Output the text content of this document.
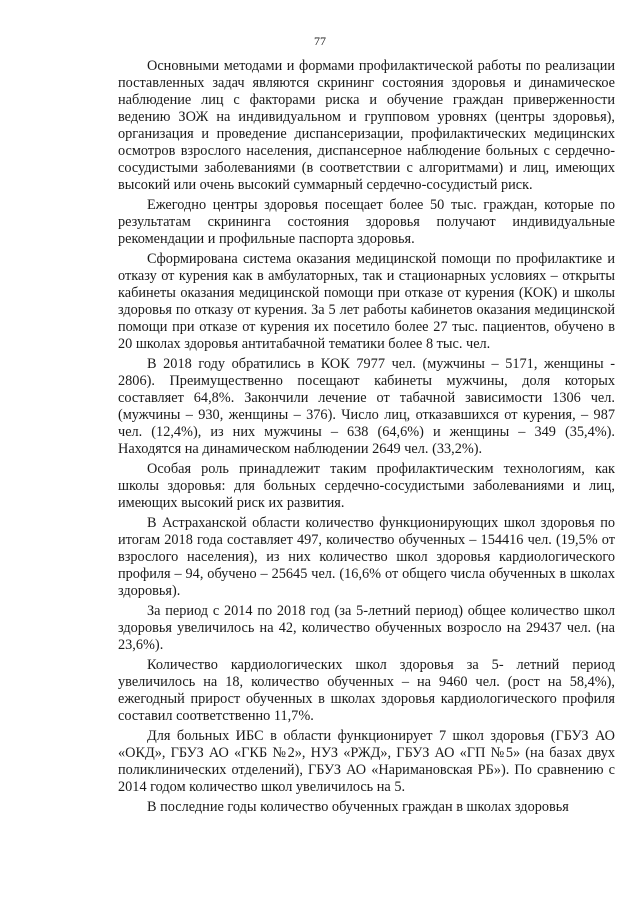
77

Основными методами и формами профилактической работы по реализации поставленных задач являются скрининг состояния здоровья и динамическое наблюдение лиц с факторами риска и обучение граждан приверженности ведению ЗОЖ на индивидуальном и групповом уровнях (центры здоровья), организация и проведение диспансеризации, профилактических медицинских осмотров взрослого населения, диспансерное наблюдение больных с сердечно-сосудистыми заболеваниями (в соответствии с алгоритмами) и лиц, имеющих высокий или очень высокий суммарный сердечно-сосудистый риск.

Ежегодно центры здоровья посещает более 50 тыс. граждан, которые по результатам скрининга состояния здоровья получают индивидуальные рекомендации и профильные паспорта здоровья.

Сформирована система оказания медицинской помощи по профилактике и отказу от курения как в амбулаторных, так и стационарных условиях – открыты кабинеты оказания медицинской помощи при отказе от курения (КОК) и школы здоровья по отказу от курения. За 5 лет работы кабинетов оказания медицинской помощи при отказе от курения их посетило более 27 тыс. пациентов, обучено в 20 школах здоровья антитабачной тематики более 8 тыс. чел.

В 2018 году обратились в КОК 7977 чел. (мужчины – 5171, женщины - 2806). Преимущественно посещают кабинеты мужчины, доля которых составляет 64,8%. Закончили лечение от табачной зависимости 1306 чел. (мужчины – 930, женщины – 376). Число лиц, отказавшихся от курения, – 987 чел. (12,4%), из них мужчины – 638 (64,6%) и женщины – 349 (35,4%). Находятся на динамическом наблюдении 2649 чел. (33,2%).

Особая роль принадлежит таким профилактическим технологиям, как школы здоровья: для больных сердечно-сосудистыми заболеваниями и лиц, имеющих высокий риск их развития.

В Астраханской области количество функционирующих школ здоровья по итогам 2018 года составляет 497, количество обученных – 154416 чел. (19,5% от взрослого населения), из них количество школ здоровья кардиологического профиля – 94, обучено – 25645 чел. (16,6% от общего числа обученных в школах здоровья).

За период с 2014 по 2018 год (за 5-летний период) общее количество школ здоровья увеличилось на 42, количество обученных возросло на 29437 чел. (на 23,6%).

Количество кардиологических школ здоровья за 5- летний период увеличилось на 18, количество обученных – на 9460 чел. (рост на 58,4%), ежегодный прирост обученных в школах здоровья кардиологического профиля составил соответственно 11,7%.

Для больных ИБС в области функционирует 7 школ здоровья (ГБУЗ АО «ОКД», ГБУЗ АО «ГКБ №2», НУЗ «РЖД», ГБУЗ АО «ГП №5» (на базах двух поликлинических отделений), ГБУЗ АО «Наримановская РБ»). По сравнению с 2014 годом количество школ увеличилось на 5.

В последние годы количество обученных граждан в школах здоровья
